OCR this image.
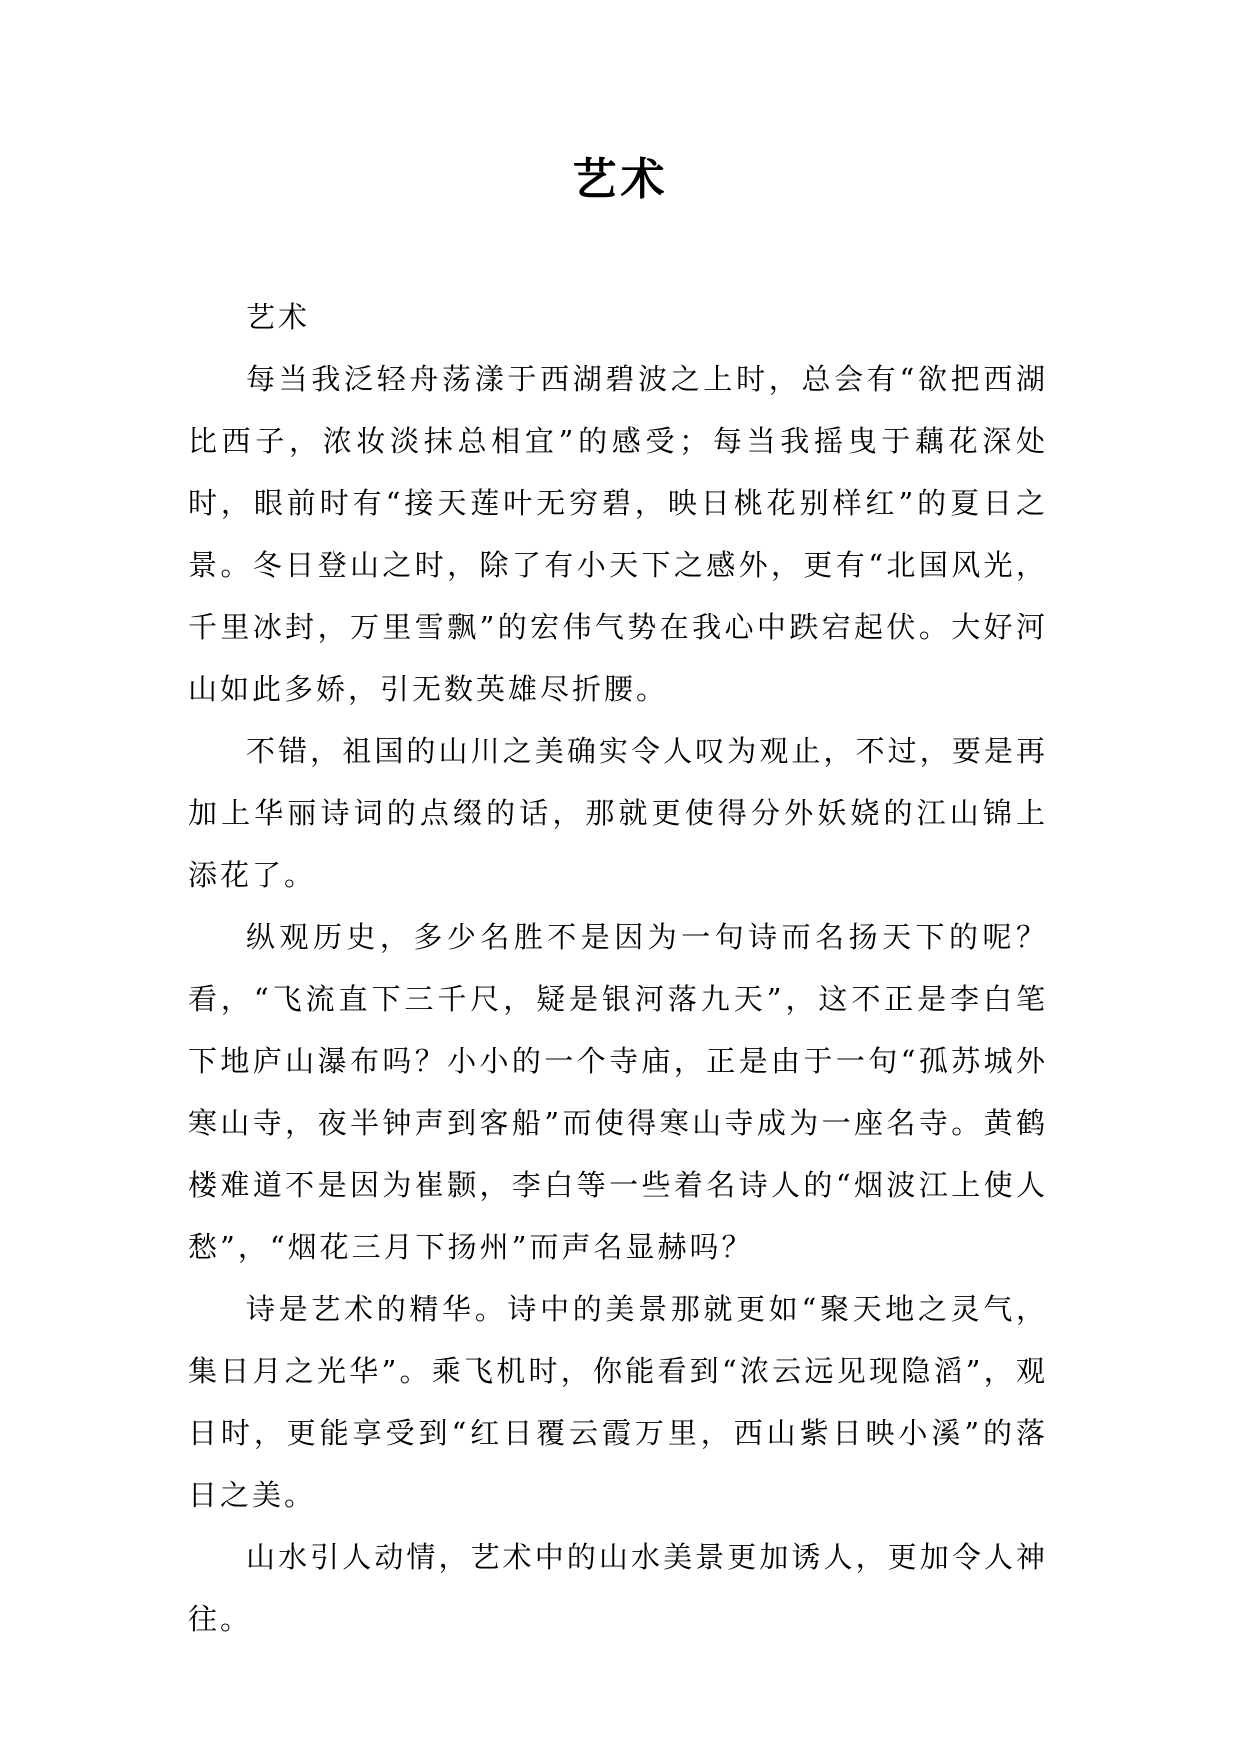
艺术

艺术

每当我泛轻舟荡漾于西湖碧波之上时，总会有“欲把西湖比西子，浓妆淡抹总相宜”的感受；每当我摇曳于藕花深处时，眼前时有“接天莲叶无穷碧，映日桃花别样红”的夏日之景。冬日登山之时，除了有小天下之感外，更有“北国风光，千里冰封，万里雪飘”的宏伟气势在我心中跌宕起伏。大好河山如此多娇，引无数英雄尽折腰。

不错，祖国的山川之美确实令人叹为观止，不过，要是再加上华丽诗词的点缀的话，那就更使得分外妖娆的江山锦上添花了。

纵观历史，多少名胜不是因为一句诗而名扬天下的呢？看，“飞流直下三千尺，疑是银河落九天”，这不正是李白笔下地庐山瀑布吗？小小的一个寺庙，正是由于一句“孤苏城外寒山寺，夜半钟声到客船”而使得寒山寺成为一座名寺。黄鹤楼难道不是因为崔颢，李白等一些着名诗人的“烟波江上使人愁”，“烟花三月下扬州”而声名显赫吗？

诗是艺术的精华。诗中的美景那就更如“聚天地之灵气，集日月之光华”。乘飞机时，你能看到“浓云远见现隐滔”，观日时，更能享受到“红日覆云霞万里，西山紫日映小溪”的落日之美。

山水引人动情，艺术中的山水美景更加诱人，更加令人神往。
